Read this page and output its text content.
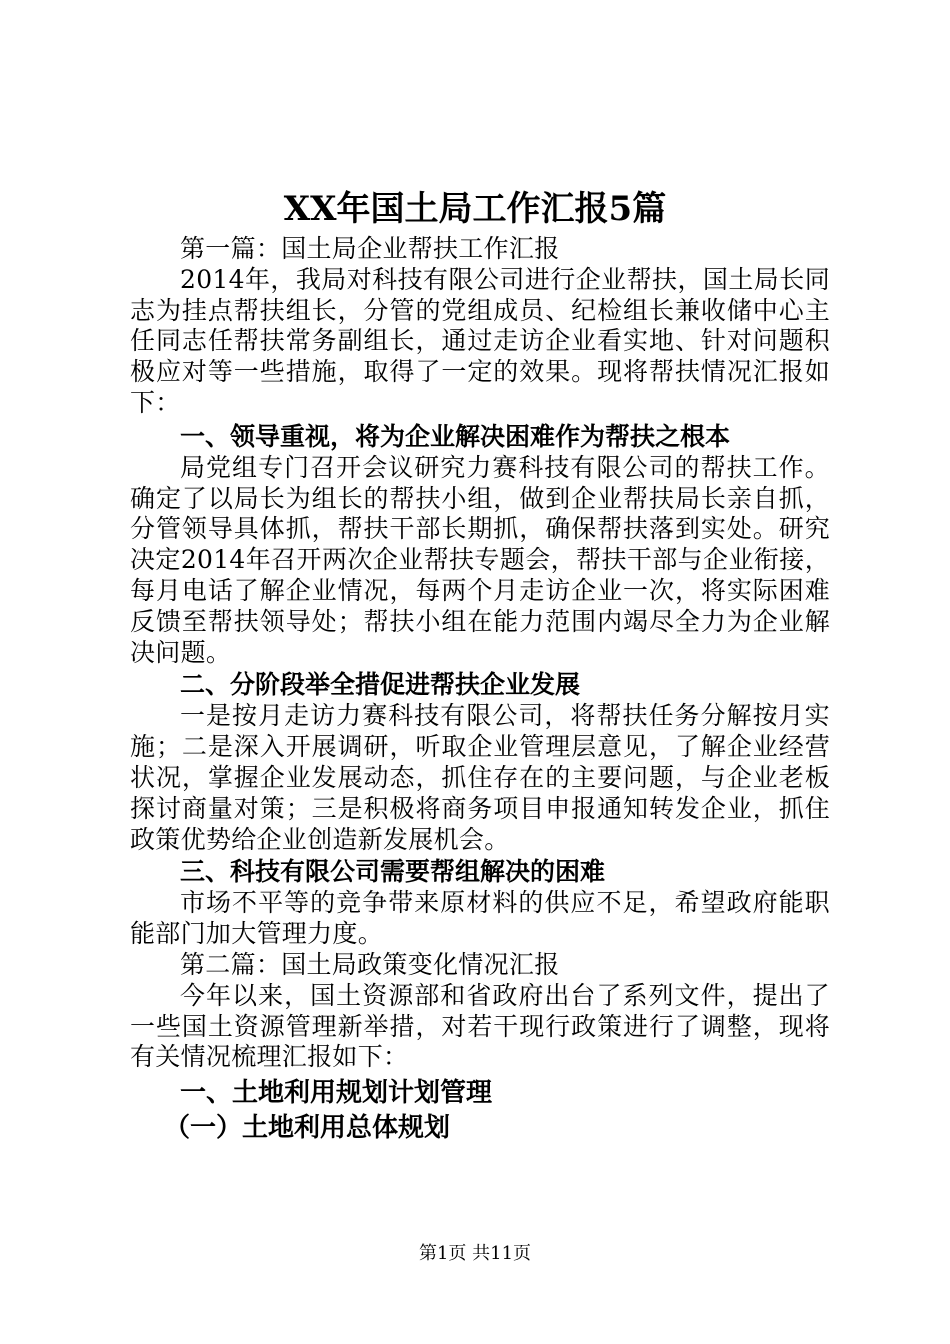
XX年国土局工作汇报5篇

第一篇：国土局企业帮扶工作汇报

2014年，我局对科技有限公司进行企业帮扶，国土局长同志为挂点帮扶组长，分管的党组成员、纪检组长兼收储中心主任同志任帮扶常务副组长，通过走访企业看实地、针对问题积极应对等一些措施，取得了一定的效果。现将帮扶情况汇报如下：

一、领导重视，将为企业解决困难作为帮扶之根本

局党组专门召开会议研究力赛科技有限公司的帮扶工作。确定了以局长为组长的帮扶小组，做到企业帮扶局长亲自抓，分管领导具体抓，帮扶干部长期抓，确保帮扶落到实处。研究决定2014年召开两次企业帮扶专题会，帮扶干部与企业衔接，每月电话了解企业情况，每两个月走访企业一次，将实际困难反馈至帮扶领导处；帮扶小组在能力范围内竭尽全力为企业解决问题。

二、分阶段举全措促进帮扶企业发展

一是按月走访力赛科技有限公司，将帮扶任务分解按月实施；二是深入开展调研，听取企业管理层意见，了解企业经营状况，掌握企业发展动态，抓住存在的主要问题，与企业老板探讨商量对策；三是积极将商务项目申报通知转发企业，抓住政策优势给企业创造新发展机会。

三、科技有限公司需要帮组解决的困难

市场不平等的竞争带来原材料的供应不足，希望政府能职能部门加大管理力度。

第二篇：国土局政策变化情况汇报

今年以来，国土资源部和省政府出台了系列文件，提出了一些国土资源管理新举措，对若干现行政策进行了调整，现将有关情况梳理汇报如下：

一、土地利用规划计划管理

（一）土地利用总体规划

第1页 共11页
